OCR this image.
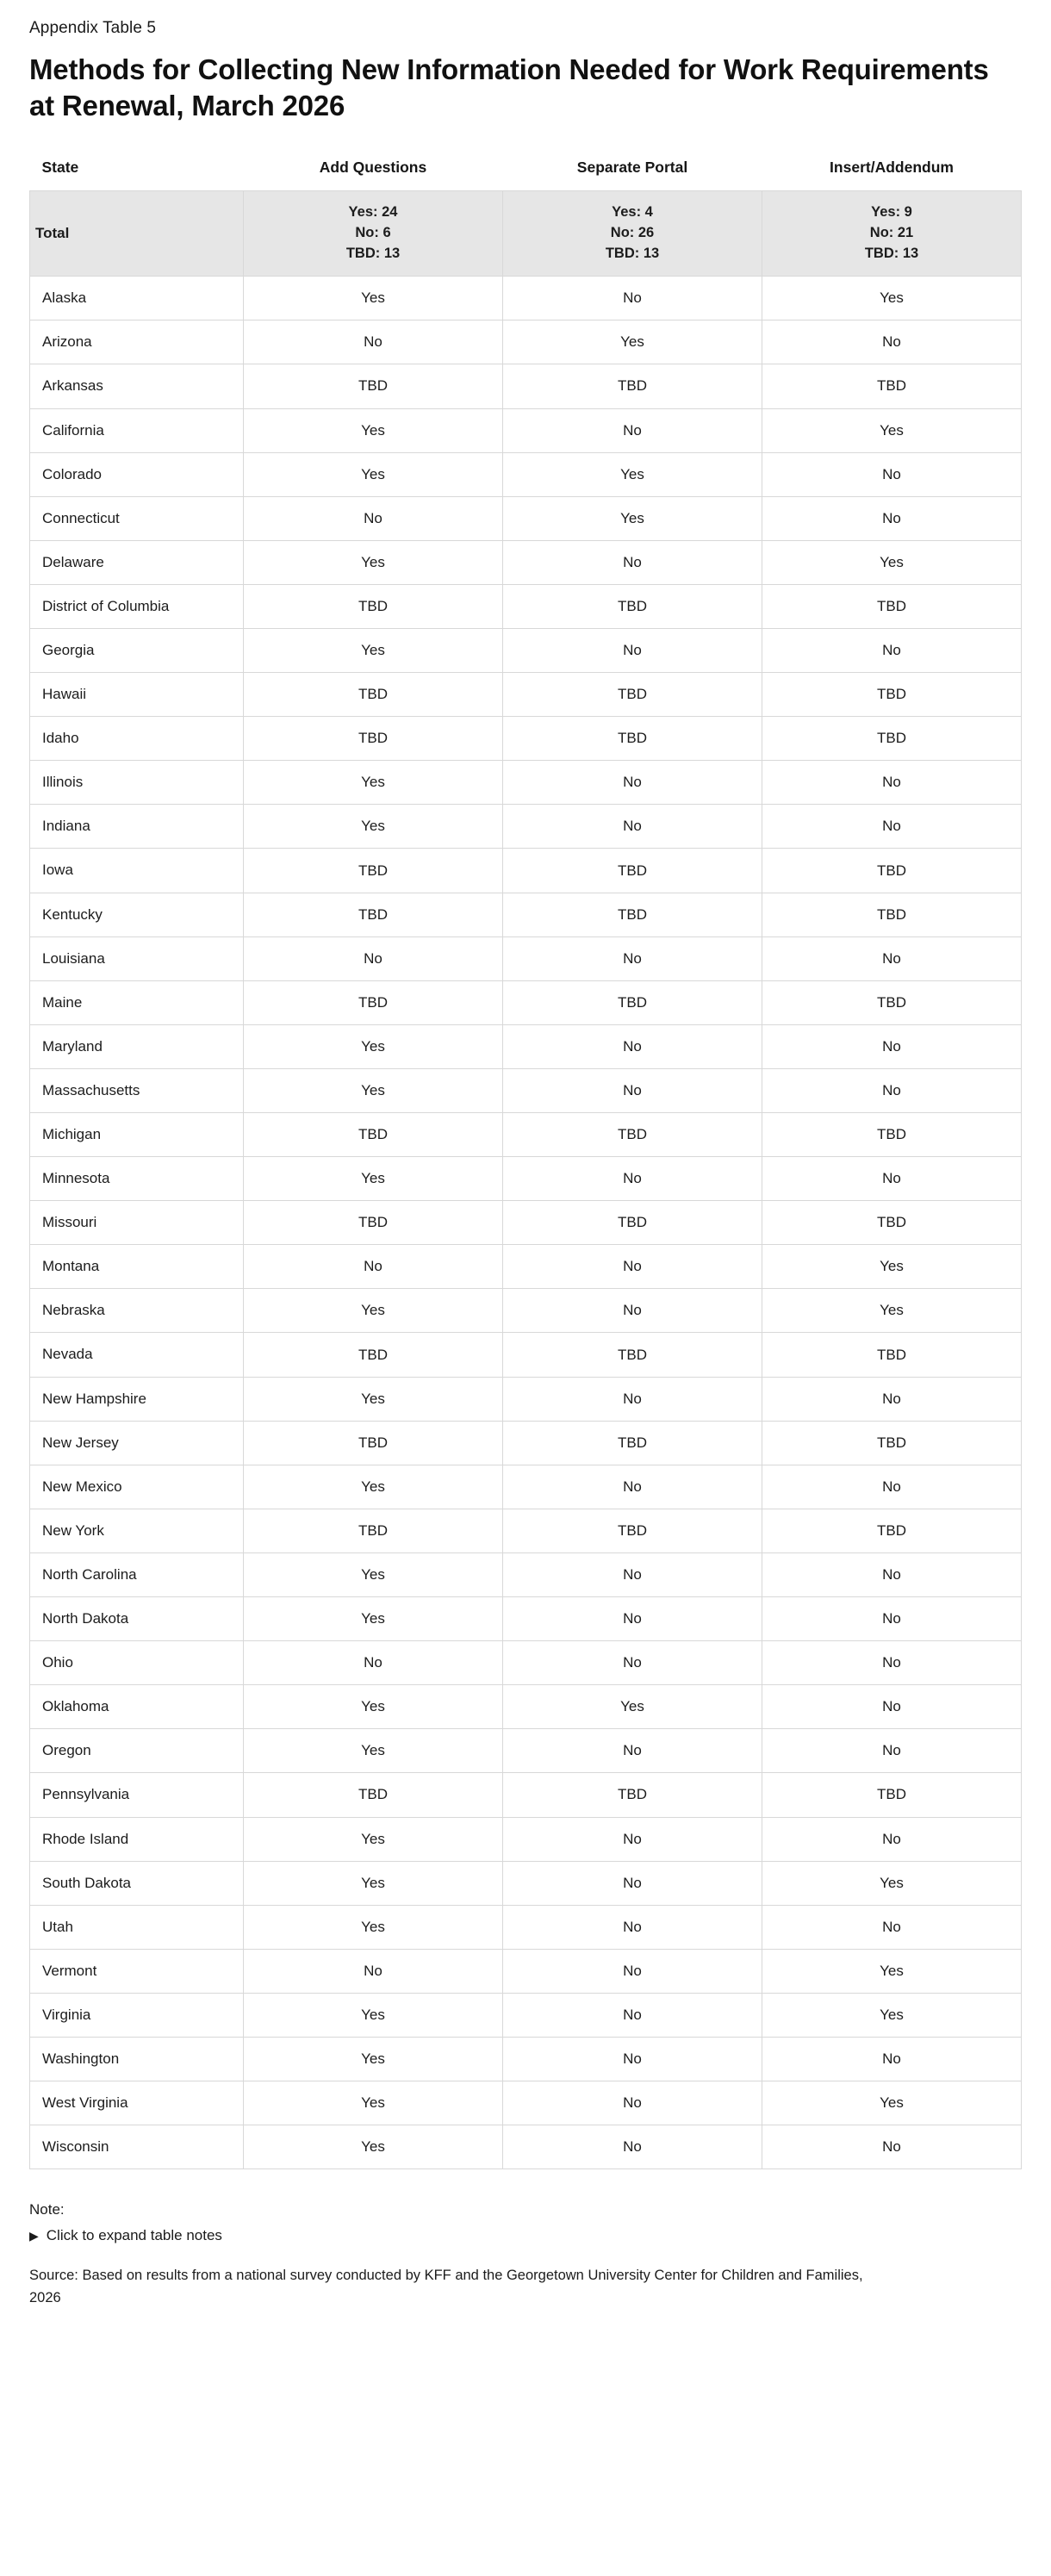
Appendix Table 5
Methods for Collecting New Information Needed for Work Requirements at Renewal, March 2026
State	Add Questions	Separate Portal	Insert/Addendum
Total	Yes: 24
No: 6
TBD: 13	Yes: 4
No: 26
TBD: 13	Yes: 9
No: 21
TBD: 13

Alaska	Yes	No	Yes
Arizona	No	Yes	No
Arkansas	TBD	TBD	TBD
California	Yes	No	Yes
Colorado	Yes	Yes	No
Connecticut	No	Yes	No
Delaware	Yes	No	Yes
District of Columbia	TBD	TBD	TBD
Georgia	Yes	No	No
Hawaii	TBD	TBD	TBD
Idaho	TBD	TBD	TBD
Illinois	Yes	No	No
Indiana	Yes	No	No
Iowa	TBD	TBD	TBD
Kentucky	TBD	TBD	TBD
Louisiana	No	No	No
Maine	TBD	TBD	TBD
Maryland	Yes	No	No
Massachusetts	Yes	No	No
Michigan	TBD	TBD	TBD
Minnesota	Yes	No	No
Missouri	TBD	TBD	TBD
Montana	No	No	Yes
Nebraska	Yes	No	Yes
Nevada	TBD	TBD	TBD
New Hampshire	Yes	No	No
New Jersey	TBD	TBD	TBD
New Mexico	Yes	No	No
New York	TBD	TBD	TBD
North Carolina	Yes	No	No
North Dakota	Yes	No	No
Ohio	No	No	No
Oklahoma	Yes	Yes	No
Oregon	Yes	No	No
Pennsylvania	TBD	TBD	TBD
Rhode Island	Yes	No	No
South Dakota	Yes	No	Yes
Utah	Yes	No	No
Vermont	No	No	Yes
Virginia	Yes	No	Yes
Washington	Yes	No	No
West Virginia	Yes	No	Yes
Wisconsin	Yes	No	No

Note:

▶ Click to expand table notes
Source: Based on results from a national survey conducted by KFF and the Georgetown University Center for Children and Families, 2026
